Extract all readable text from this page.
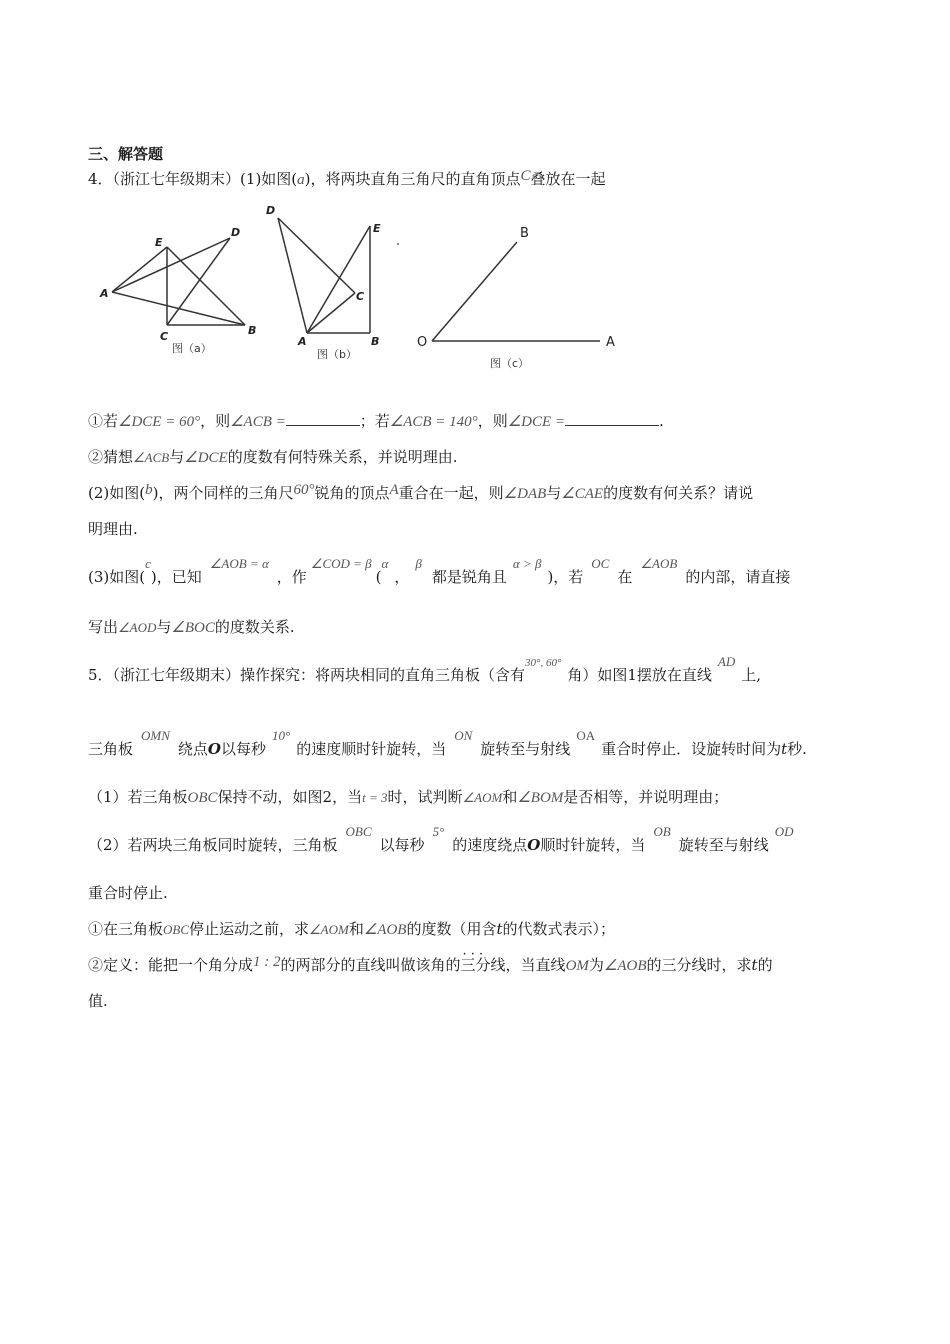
三、解答题
4．（浙江七年级期末）(1)如图(a)，将两块直角三角尺的直角顶点C叠放在一起
A
B
C
D
E
图（a）
A	B
C
D
E
图（b）
O	A
B
图（c）
①若∠DCE = 60°，则∠ACB =	；若∠ACB = 140°，则∠DCE =	.
②猜想∠ACB与∠DCE的度数有何特殊关系，并说明理由.
(2)如图(b)，两个同样的三角尺60°锐角的顶点A重合在一起，则∠DAB与∠CAE的度数有何关系？请说
明理由.
(3)如图(c)，已知∠AOB = α，作∠COD = β(α，β都是锐角且α > β)，若OC在∠AOB的内部，请直接
写出∠AOD与∠BOC的度数关系.
5．（浙江七年级期末）操作探究：将两块相同的直角三角板（含有$^{30^\circ, 60^\circ}$角）如图1摆放在直线AD上,
三角板OMN绕点O以每秒10°的速度顺时针旋转，当ON旋转至与射线OA重合时停止．设旋转时间为t秒.
（1）若三角板OBC保持不动，如图2，当t = 3时，试判断∠AOM和∠BOM是否相等，并说明理由；
（2）若两块三角板同时旋转，三角板OBC以每秒5°的速度绕点O顺时针旋转，当OB旋转至与射线OD
重合时停止.
①在三角板OBC停止运动之前，求∠AOM和∠AOB的度数（用含t的代数式表示）；
②定义：能把一个角分成1 : 2的两部分的直线叫做该角的· · · 三分线，当直线OM为∠AOB的三分线时，求t的
值.
